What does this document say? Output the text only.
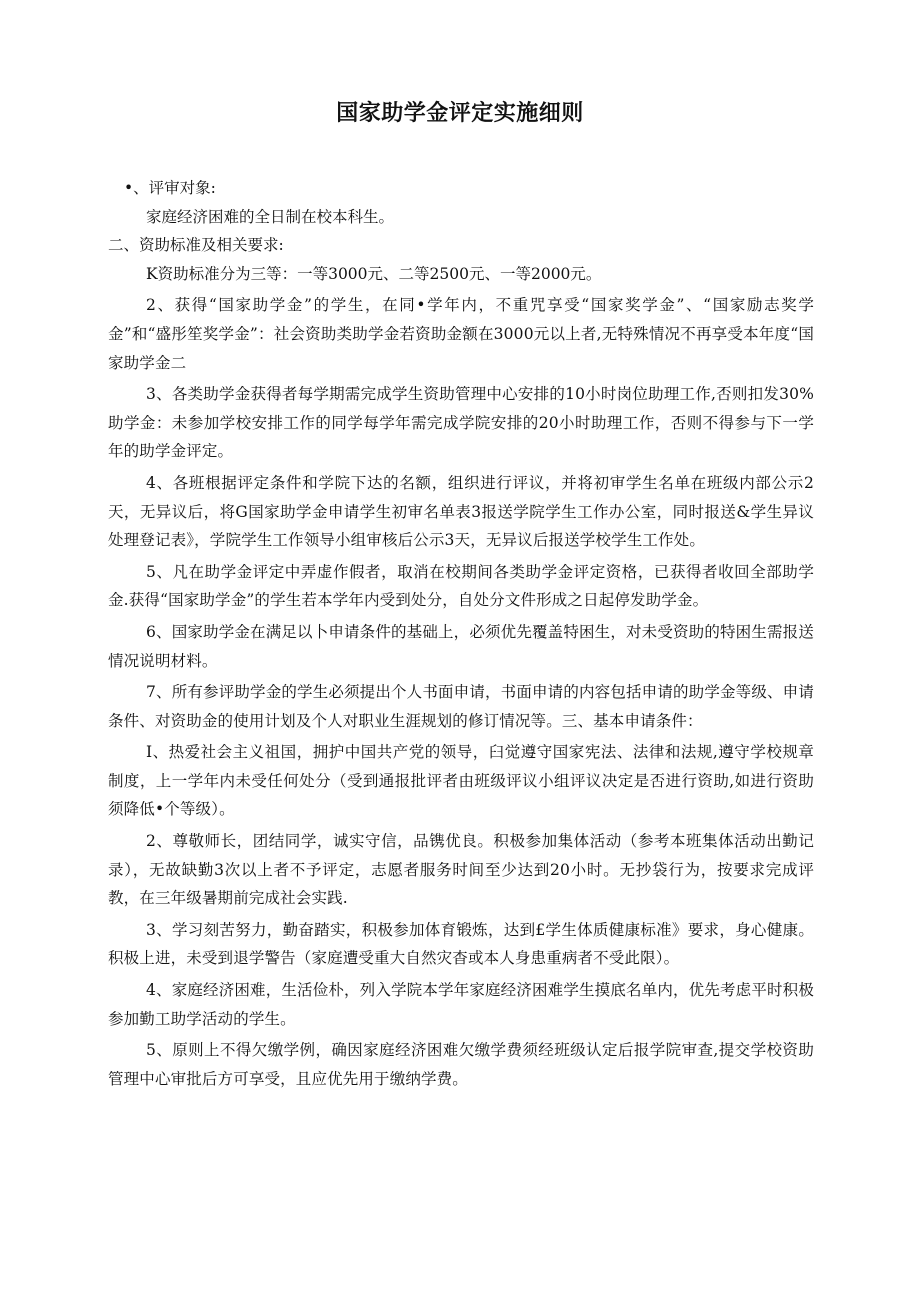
国家助学金评定实施细则

•、评审对象:

家庭经济困难的全日制在校本科生。

二、资助标准及相关要求:

K资助标准分为三等：一等3000元、二等2500元、一等2000元。

2、获得“国家助学金”的学生，在同•学年内，不重咒享受“国家奖学金”、“国家励志奖学金”和“盛彤笙奖学金”：社会资助类助学金若资助金额在3000元以上者,无特殊情况不再享受本年度“国家助学金二

3、各类助学金获得者每学期需完成学生资助管理中心安排的10小时岗位助理工作,否则扣发30%助学金：未参加学校安排工作的同学每学年需完成学院安排的20小时助理工作，否则不得参与下一学年的助学金评定。

4、各班根据评定条件和学院下达的名额，组织进行评议，并将初审学生名单在班级内部公示2天，无异议后，将G国家助学金申请学生初审名单表3报送学院学生工作办公室，同时报送&学生异议处理登记表》，学院学生工作领导小组审核后公示3天，无异议后报送学校学生工作处。

5、凡在助学金评定中弄虚作假者，取消在校期间各类助学金评定资格，已获得者收回全部助学金.获得“国家助学金”的学生若本学年内受到处分，自处分文件形成之日起停发助学金。

6、国家助学金在满足以卜申请条件的基础上，必须优先覆盖特困生，对未受资助的特困生需报送情况说明材料。

7、所有参评助学金的学生必须提出个人书面申请，书面申请的内容包括申请的助学金等级、申请条件、对资助金的使用计划及个人对职业生涯规划的修订情况等。三、基本申请条件：

I、热爱社会主义祖国，拥护中国共产党的领导，臼觉遵守国家宪法、法律和法规,遵守学校规章制度，上一学年内未受任何处分（受到通报批评者由班级评议小组评议决定是否进行资助,如进行资助须降低•个等级）。

2、尊敬师长，团结同学，诚实守信，品镌优良。积极参加集体活动（参考本班集体活动出勤记录），无故缺勤3次以上者不予评定，志愿者服务时间至少达到20小时。无抄袋行为，按要求完成评教，在三年级暑期前完成社会实践.

3、学习刻苦努力，勤奋踏实，积极参加体育锻炼，达到£学生体质健康标准》要求，身心健康。积极上进，未受到退学警告（家庭遭受重大自然灾杳或本人身患重病者不受此限）。

4、家庭经济困难，生活俭朴，列入学院本学年家庭经济困难学生摸底名单内，优先考虑平时积极参加勤工助学活动的学生。

5、原则上不得欠缴学例，确因家庭经济困难欠缴学费须经班级认定后报学院审查,提交学校资助管理中心审批后方可享受，且应优先用于缴纳学费。
